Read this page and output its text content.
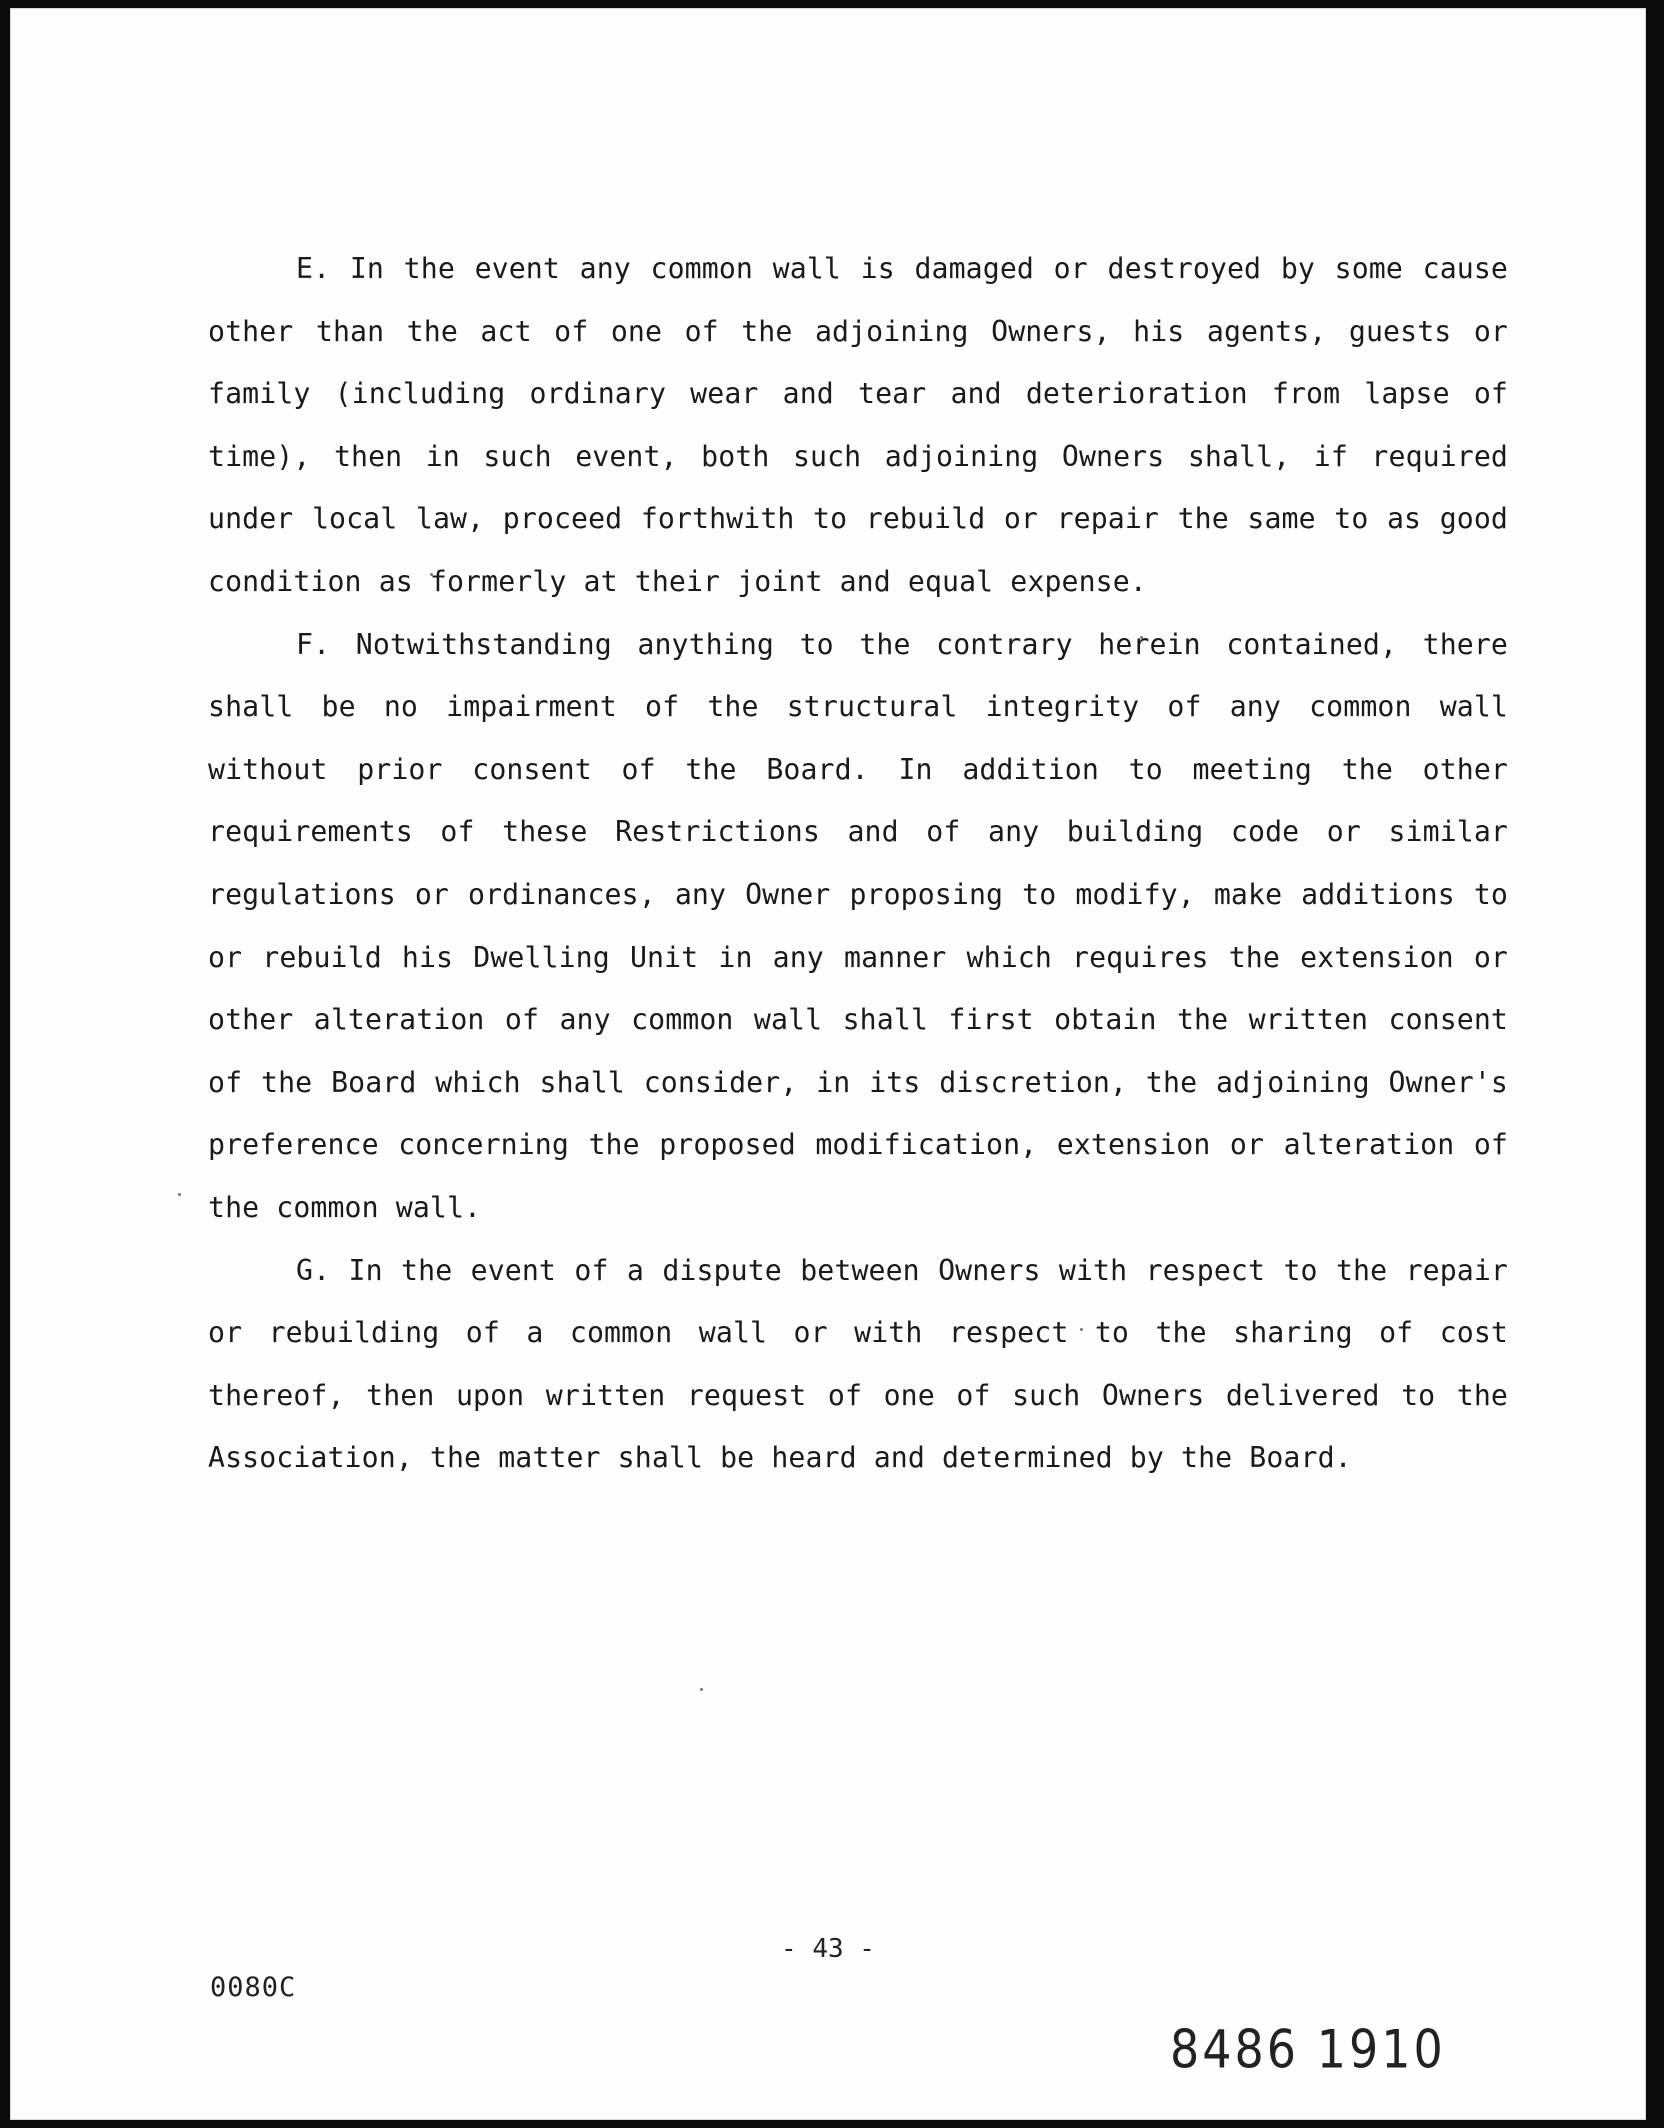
E. In the event any common wall is damaged or destroyed by some cause other than the act of one of the adjoining Owners, his agents, guests or family (including ordinary wear and tear and deterioration from lapse of time), then in such event, both such adjoining Owners shall, if required under local law, proceed forthwith to rebuild or repair the same to as good condition as formerly at their joint and equal expense.

F. Notwithstanding anything to the contrary herein contained, there shall be no impairment of the structural integrity of any common wall without prior consent of the Board. In addition to meeting the other requirements of these Restrictions and of any building code or similar regulations or ordinances, any Owner proposing to modify, make additions to or rebuild his Dwelling Unit in any manner which requires the extension or other alteration of any common wall shall first obtain the written consent of the Board which shall consider, in its discretion, the adjoining Owner's preference concerning the proposed modification, extension or alteration of the common wall.

G. In the event of a dispute between Owners with respect to the repair or rebuilding of a common wall or with respect to the sharing of cost thereof, then upon written request of one of such Owners delivered to the Association, the matter shall be heard and determined by the Board.

- 43 -
0080C
8486 1910
